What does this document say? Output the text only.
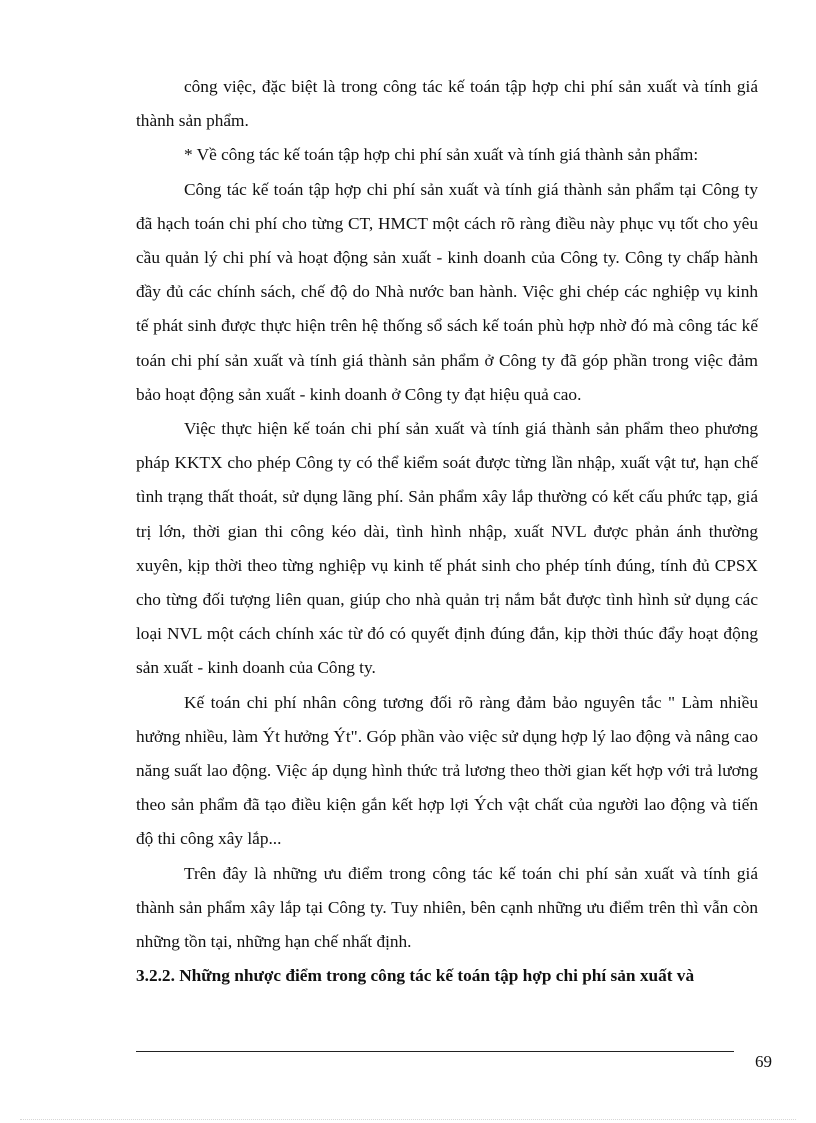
công việc, đặc biệt là trong công tác kế toán tập hợp chi phí sản xuất và tính giá thành sản phẩm.

* Về công tác kế toán tập hợp chi phí sản xuất và tính giá thành sản phẩm:

Công tác kế toán tập hợp chi phí sản xuất và tính giá thành sản phẩm tại Công ty đã hạch toán chi phí cho từng CT, HMCT một cách rõ ràng điều này phục vụ tốt cho yêu cầu quản lý chi phí và hoạt động sản xuất - kinh doanh của Công ty. Công ty chấp hành đầy đủ các chính sách, chế độ do Nhà nước ban hành. Việc ghi chép các nghiệp vụ kinh tế phát sinh được thực hiện trên hệ thống sổ sách kế toán phù hợp nhờ đó mà công tác kế toán chi phí sản xuất và tính giá thành sản phẩm ở Công ty đã góp phần trong việc đảm bảo hoạt động sản xuất - kinh doanh ở Công ty đạt hiệu quả cao.

Việc thực hiện kế toán chi phí sản xuất và tính giá thành sản phẩm theo phương pháp KKTX cho phép Công ty có thể kiểm soát được từng lần nhập, xuất vật tư, hạn chế tình trạng thất thoát, sử dụng lãng phí. Sản phẩm xây lắp thường có kết cấu phức tạp, giá trị lớn, thời gian thi công kéo dài, tình hình nhập, xuất NVL được phản ánh thường xuyên, kịp thời theo từng nghiệp vụ kinh tế phát sinh cho phép tính đúng, tính đủ CPSX cho từng đối tượng liên quan, giúp cho nhà quản trị nắm bắt được tình hình sử dụng các loại NVL một cách chính xác từ đó có quyết định đúng đắn, kịp thời thúc đẩy hoạt động sản xuất - kinh doanh của Công ty.

Kế toán chi phí nhân công tương đối rõ ràng đảm bảo nguyên tắc " Làm nhiều hưởng nhiều, làm Ýt hưởng Ýt". Góp phần vào việc sử dụng hợp lý lao động và nâng cao năng suất lao động. Việc áp dụng hình thức trả lương theo thời gian kết hợp với trả lương theo sản phẩm đã tạo điều kiện gắn kết hợp lợi Ých vật chất của người lao động và tiến độ thi công xây lắp...

Trên đây là những ưu điểm trong công tác kế toán chi phí sản xuất và tính giá thành sản phẩm xây lắp tại Công ty. Tuy nhiên, bên cạnh những ưu điểm trên thì vẫn còn những tồn tại, những hạn chế nhất định.

3.2.2. Những nhược điểm trong công tác kế toán tập hợp chi phí sản xuất và

69
